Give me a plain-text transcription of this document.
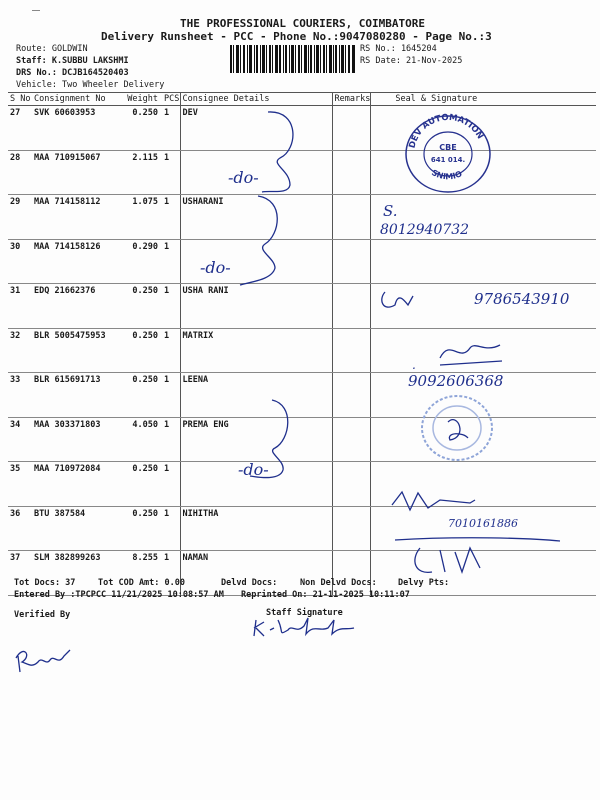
THE PROFESSIONAL COURIERS, COIMBATORE
Delivery Runsheet - PCC - Phone No.:9047080280 - Page No.:3
Route: GOLDWIN
Staff: K.SUBBU LAKSHMI
DRS No.: DCJB164520403
Vehicle: Two Wheeler Delivery
RS No.: 1645204
RS Date: 21-Nov-2025
S No	Consignment No	Weight	PCS	Consignee Details	Remarks	Seal & Signature
27	SVK 60603953	0.250	1	DEV		
28	MAA 710915067	2.115	1			
29	MAA 714158112	1.075	1	USHARANI		
30	MAA 714158126	0.290	1			
31	EDQ 21662376	0.250	1	USHA RANI		
32	BLR 5005475953	0.250	1	MATRIX		
33	BLR 615691713	0.250	1	LEENA		
34	MAA 303371803	4.050	1	PREMA ENG		
35	MAA 710972084	0.250	1			
36	BTU 387584	0.250	1	NIHITHA		
37	SLM 382899263	8.255	1	NAMAN		
-do-
-do-
-do-
S.
8012940732
9786543910
9092606368
7010161886
.
DEV AUTOMATION
SNIMIO
CBE
641 014.
Tot Docs: 37	Tot COD Amt: 0.00	Delvd Docs:	Non Delvd Docs: Delvy Pts:
Entered By :TPCPCC 11/21/2025 10:08:57 AM Reprinted On: 21-11-2025 10:11:07
Verified By	Staff Signature
